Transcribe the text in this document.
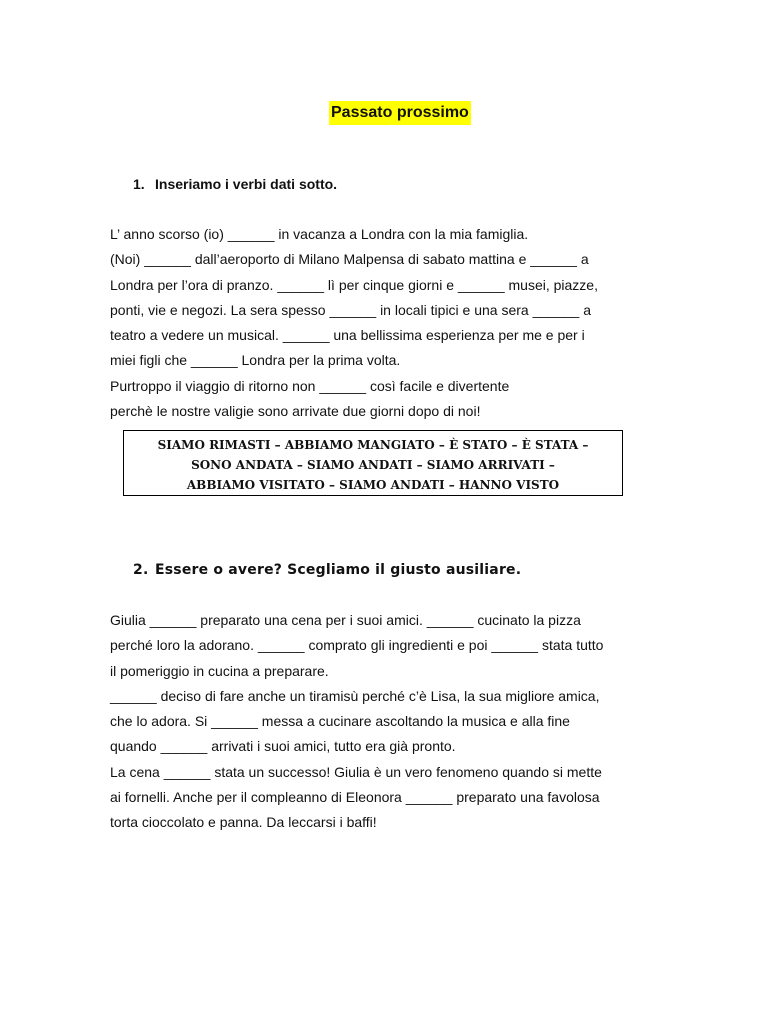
Passato prossimo
1. Inseriamo i verbi dati sotto.
L’ anno scorso (io) ______ in vacanza a Londra con la mia famiglia.
(Noi) ______ dall’aeroporto di Milano Malpensa di sabato mattina e ______ a
Londra per l’ora di pranzo. ______ lì per cinque giorni e ______ musei, piazze,
ponti, vie e negozi. La sera spesso ______ in locali tipici e una sera ______ a
teatro a vedere un musical. ______ una bellissima esperienza per me e per i
miei figli che ______ Londra per la prima volta.
Purtroppo il viaggio di ritorno non ______ così facile e divertente
perchè le nostre valigie sono arrivate due giorni dopo di noi!
SIAMO RIMASTI – ABBIAMO MANGIATO – È STATO – È STATA –
SONO ANDATA – SIAMO ANDATI – SIAMO ARRIVATI –
ABBIAMO VISITATO – SIAMO ANDATI – HANNO VISTO
2. Essere o avere? Scegliamo il giusto ausiliare.
Giulia ______ preparato una cena per i suoi amici. ______ cucinato la pizza
perché loro la adorano. ______ comprato gli ingredienti e poi ______ stata tutto
il pomeriggio in cucina a preparare.
______ deciso di fare anche un tiramisù perché c’è Lisa, la sua migliore amica,
che lo adora. Si ______ messa a cucinare ascoltando la musica e alla fine
quando ______ arrivati i suoi amici, tutto era già pronto.
La cena ______ stata un successo! Giulia è un vero fenomeno quando si mette
ai fornelli. Anche per il compleanno di Eleonora ______ preparato una favolosa
torta cioccolato e panna. Da leccarsi i baffi!
